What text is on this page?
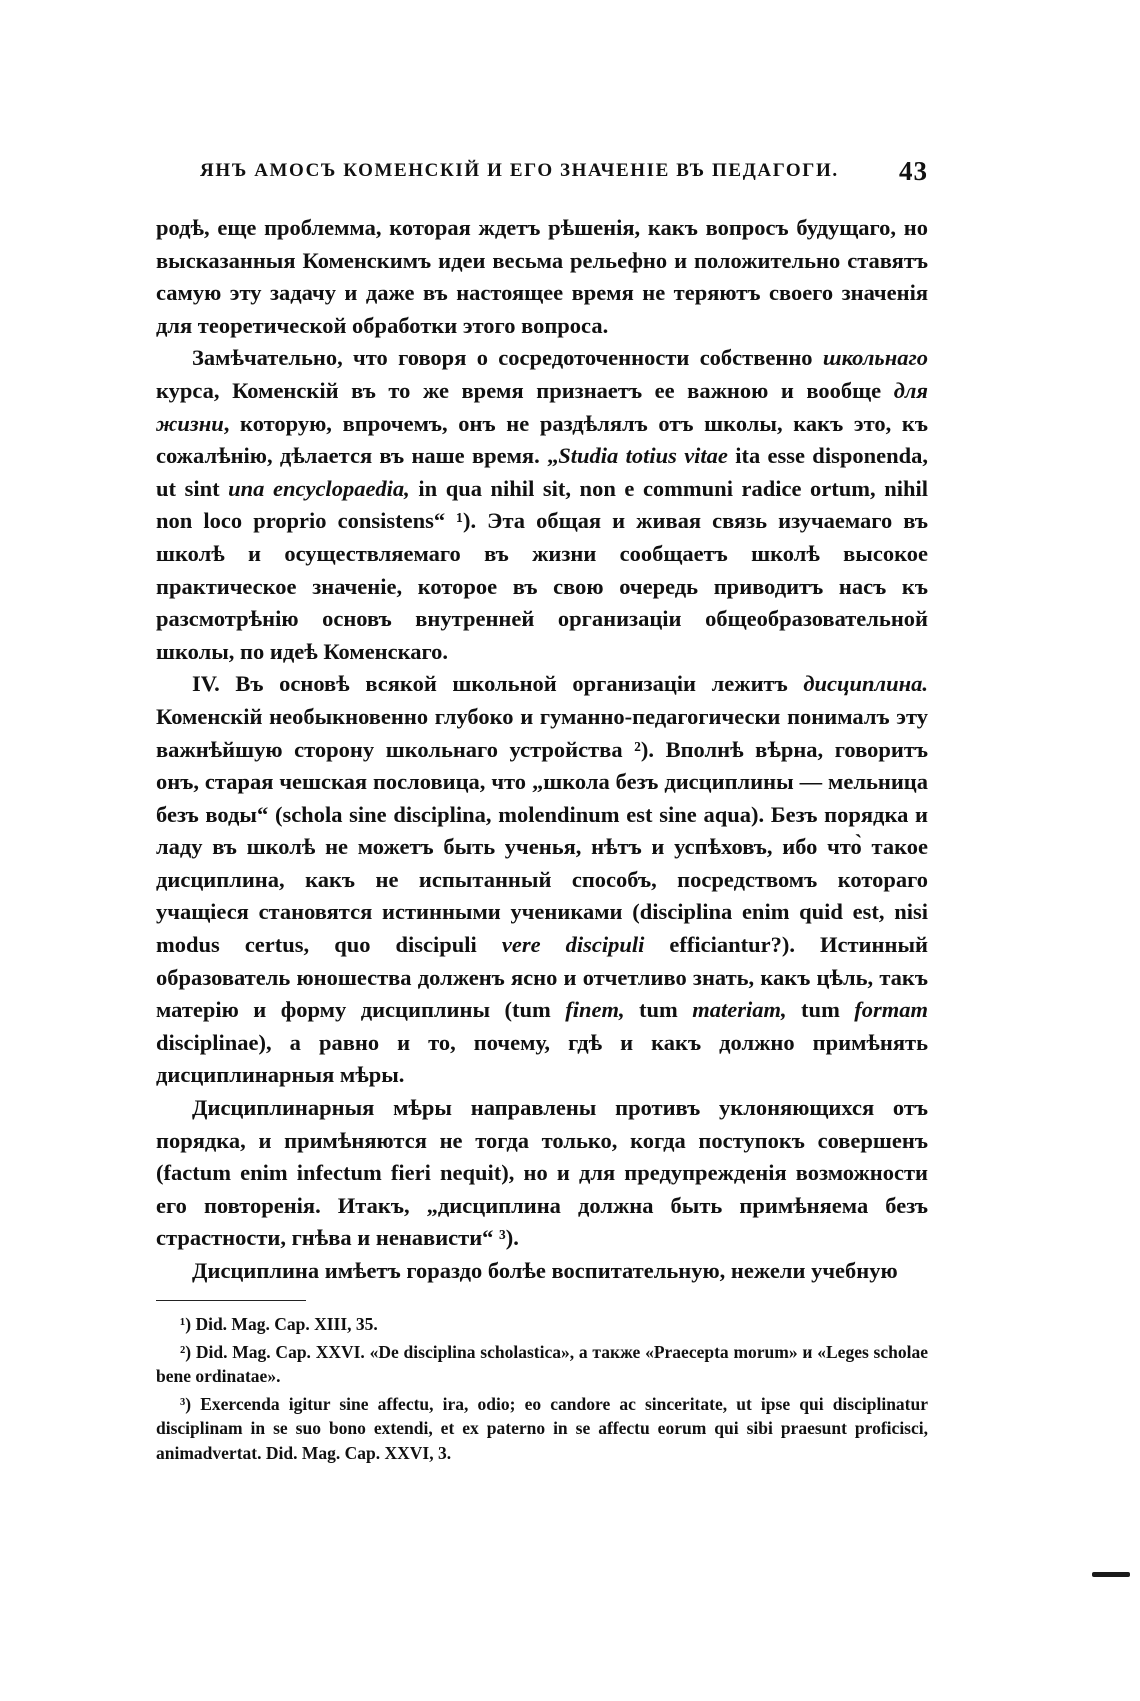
ЯНЪ АМОСЪ КОМЕНСКІЙ И ЕГО ЗНАЧЕНІЕ ВЪ ПЕДАГОГИ. 43

родѣ, еще проблемма, которая ждетъ рѣшенія, какъ вопросъ будущаго, но высказанныя Коменскимъ идеи весьма рельефно и положительно ставятъ самую эту задачу и даже въ настоящее время не теряютъ своего значенія для теоретической обработки этого вопроса.

Замѣчательно, что говоря о сосредоточенности собственно школьнаго курса, Коменскій въ то же время признаетъ ее важною и вообще для жизни, которую, впрочемъ, онъ не раздѣлялъ отъ школы, какъ это, къ сожалѣнію, дѣлается въ наше время. „Studia totius vitae ita esse disponenda, ut sint una encyclopaedia, in qua nihil sit, non e communi radice ortum, nihil non loco proprio consistens“ ¹). Эта общая и живая связь изучаемаго въ школѣ и осуществляемаго въ жизни сообщаетъ школѣ высокое практическое значеніе, которое въ свою очередь приводитъ насъ къ разсмотрѣнію основъ внутренней организаціи общеобразовательной школы, по идеѣ Коменскаго.

IV. Въ основѣ всякой школьной организаціи лежитъ дисциплина. Коменскій необыкновенно глубоко и гуманно-педагогически понималъ эту важнѣйшую сторону школьнаго устройства ²). Вполнѣ вѣрна, говоритъ онъ, старая чешская пословица, что „школа безъ дисциплины — мельница безъ воды“ (schola sine disciplina, molendinum est sine aqua). Безъ порядка и ладу въ школѣ не можетъ быть ученья, нѣтъ и успѣховъ, ибо что̀ такое дисциплина, какъ не испытанный способъ, посредствомъ котораго учащіеся становятся истинными учениками (disciplina enim quid est, nisi modus certus, quo discipuli vere discipuli efficiantur?). Истинный образователь юношества долженъ ясно и отчетливо знать, какъ цѣль, такъ матерію и форму дисциплины (tum finem, tum materiam, tum formam disciplinae), а равно и то, почему, гдѣ и какъ должно примѣнять дисциплинарныя мѣры.

Дисциплинарныя мѣры направлены противъ уклоняющихся отъ порядка, и примѣняются не тогда только, когда поступокъ совершенъ (factum enim infectum fieri nequit), но и для предупрежденія возможности его повторенія. Итакъ, „дисциплина должна быть примѣняема безъ страстности, гнѣва и ненависти“ ³).

Дисциплина имѣетъ гораздо болѣе воспитательную, нежели учебную

¹) Did. Mag. Cap. XIII, 35.

²) Did. Mag. Cap. XXVI. «De disciplina scholastica», а также «Praecepta morum» и «Leges scholae bene ordinatae».

³) Exercenda igitur sine affectu, ira, odio; eo candore ac sinceritate, ut ipse qui disciplinatur disciplinam in se suo bono extendi, et ex paterno in se affectu eorum qui sibi praesunt proficisci, animadvertat. Did. Mag. Cap. XXVI, 3.
